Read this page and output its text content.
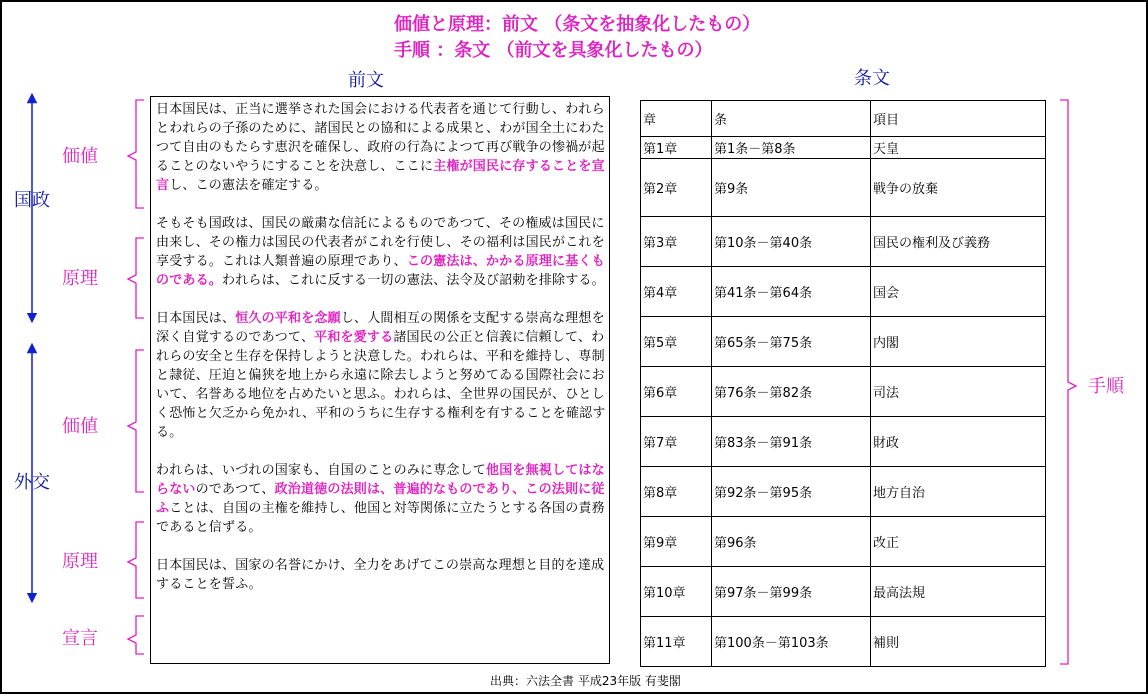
価値と原理：前文 （条文を抽象化したもの）
手順 ：条文 （前文を具象化したもの）
前文	条文
国政
外交
価値
原理
価値
原理
宣言
手順

日本国民は、正当に選挙された国会における代表者を通じて行動し、われらとわれらの子孫のために、諸国民との協和による成果と、わが国全土にわたつて自由のもたらす恵沢を確保し、政府の行為によつて再び戦争の惨禍が起ることのないやうにすることを決意し、ここに主権が国民に存することを宣言し、この憲法を確定する。

そもそも国政は、国民の厳粛な信託によるものであつて、その権威は国民に由来し、その権力は国民の代表者がこれを行使し、その福利は国民がこれを享受する。これは人類普遍の原理であり、この憲法は、かかる原理に基くものである。われらは、これに反する一切の憲法、法令及び詔勅を排除する。

日本国民は、恒久の平和を念願し、人間相互の関係を支配する崇高な理想を深く自覚するのであつて、平和を愛する諸国民の公正と信義に信頼して、われらの安全と生存を保持しようと決意した。われらは、平和を維持し、専制と隷従、圧迫と偏狭を地上から永遠に除去しようと努めてゐる国際社会において、名誉ある地位を占めたいと思ふ。われらは、全世界の国民が、ひとしく恐怖と欠乏から免かれ、平和のうちに生存する権利を有することを確認する。

われらは、いづれの国家も、自国のことのみに専念して他国を無視してはならないのであつて、政治道徳の法則は、普遍的なものであり、この法則に従ふことは、自国の主権を維持し、他国と対等関係に立たうとする各国の責務であると信ずる。

日本国民は、国家の名誉にかけ、全力をあげてこの崇高な理想と目的を達成することを誓ふ。

章	条	項目
第1章	第1条－第8条	天皇
第2章	第9条	戦争の放棄
第3章	第10条－第40条	国民の権利及び義務
第4章	第41条－第64条	国会
第5章	第65条－第75条	内閣
第6章	第76条－第82条	司法
第7章	第83条－第91条	財政
第8章	第92条－第95条	地方自治
第9章	第96条	改正
第10章	第97条－第99条	最高法規
第11章	第100条－第103条	補則
出典：六法全書 平成23年版 有斐閣
